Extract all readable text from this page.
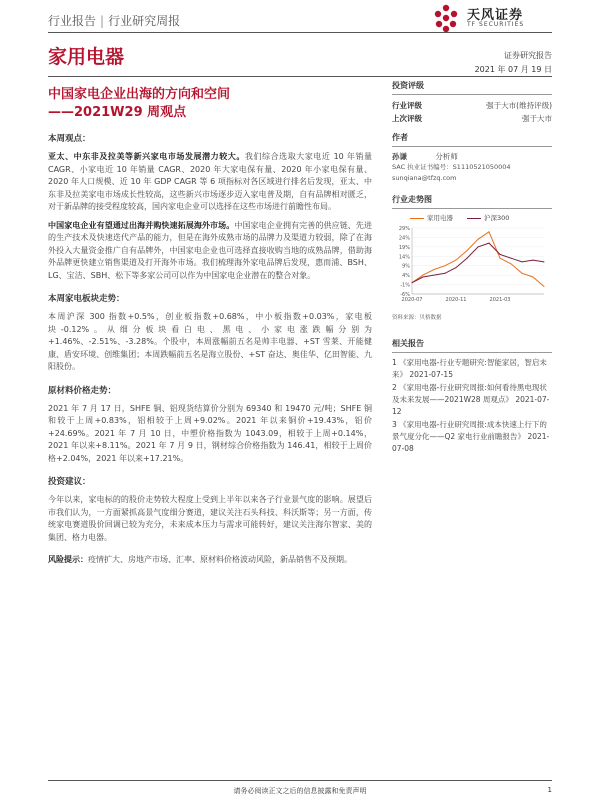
行业报告 | 行业研究周报	天风证券
TF SECURITIES
家用电器	证券研究报告
2021 年 07 月 19 日
中国家电企业出海的方向和空间
——2021W29 周观点
本周观点：
亚太、中东非及拉美等新兴家电市场发展潜力较大。我们综合选取大家电近 10 年销量 CAGR、小家电近 10 年销量 CAGR、2020 年大家电保有量、2020 年小家电保有量、2020 年人口规模、近 10 年 GDP CAGR 等 6 项指标对各区域进行排名后发现，亚太、中东非及拉美家电市场成长性较高，这些新兴市场逐步迈入家电普及期，自有品牌相对匮乏，对于新品牌的接受程度较高，国内家电企业可以选择在这些市场进行前瞻性布局。
中国家电企业有望通过出海并购快速拓展海外市场。中国家电企业拥有完善的供应链、先进的生产技术及快速迭代产品的能力，但是在海外成熟市场的品牌力及渠道力较弱，除了在海外投入大量资金推广自有品牌外，中国家电企业也可选择直接收购当地的成熟品牌，借助海外品牌更快建立销售渠道及打开海外市场。我们梳理海外家电品牌后发现，惠而浦、BSH、LG、宝洁、SBH、松下等多家公司可以作为中国家电企业潜在的整合对象。
本周家电板块走势：
本周沪深 300 指数+0.5%，创业板指数+0.68%，中小板指数+0.03%，家电板块-0.12%。从细分板块看白电、黑电、小家电涨跌幅分别为+1.46%、-2.51%、-3.28%。个股中，本周涨幅前五名是帅丰电器、+ST 雪莱、开能健康、盾安环境、创维集团；本周跌幅前五名是海立股份、+ST 奋达、奥佳华、亿田智能、九阳股份。
原材料价格走势：
2021 年 7 月 17 日，SHFE 铜、铝现货结算价分别为 69340 和 19470 元/吨；SHFE 铜和较于上周+0.83%，铝相较于上周+9.02%。2021 年以来铜价+19.43%，铝价+24.69%。2021 年 7 月 10 日，中塑价格指数为 1043.09，相较于上周+0.14%，2021 年以来+8.11%。2021 年 7 月 9 日，钢材综合价格指数为 146.41，相较于上周价格+2.04%，2021 年以来+17.21%。
投资建议：
今年以来，家电标的的股价走势较大程度上受到上半年以来各子行业景气度的影响。展望后市我们认为，一方面紧抓高景气度细分赛道，建议关注石头科技、科沃斯等；另一方面，传统家电赛道股价回调已较为充分，未来成本压力与需求可能转好，建议关注海尔智家、美的集团、格力电器。
风险提示：疫情扩大、房地产市场、汇率、原材料价格波动风险，新品销售不及预期。
投资评级
行业评级	强于大市(维持评级)
上次评级	强于大市
作者
孙谦	分析师
SAC 执业证书编号：S1110521050004
sunqiana@tfzq.com
行业走势图
家用电器	沪深300
-6%
-1%
4%
9%
14%
19%
24%
29%
2020-07	2020-11	2021-03
资料来源：贝格数据
相关报告
1 《家用电器-行业专题研究:智能家居，智启未来》 2021-07-15
2 《家用电器-行业研究周报:如何看待黑电现状及未来发展——2021W28 周观点》 2021-07-12
3 《家用电器-行业研究周报:成本快速上行下的景气度分化——Q2 家电行业前瞻报告》 2021-07-08
请务必阅读正文之后的信息披露和免责声明	1
